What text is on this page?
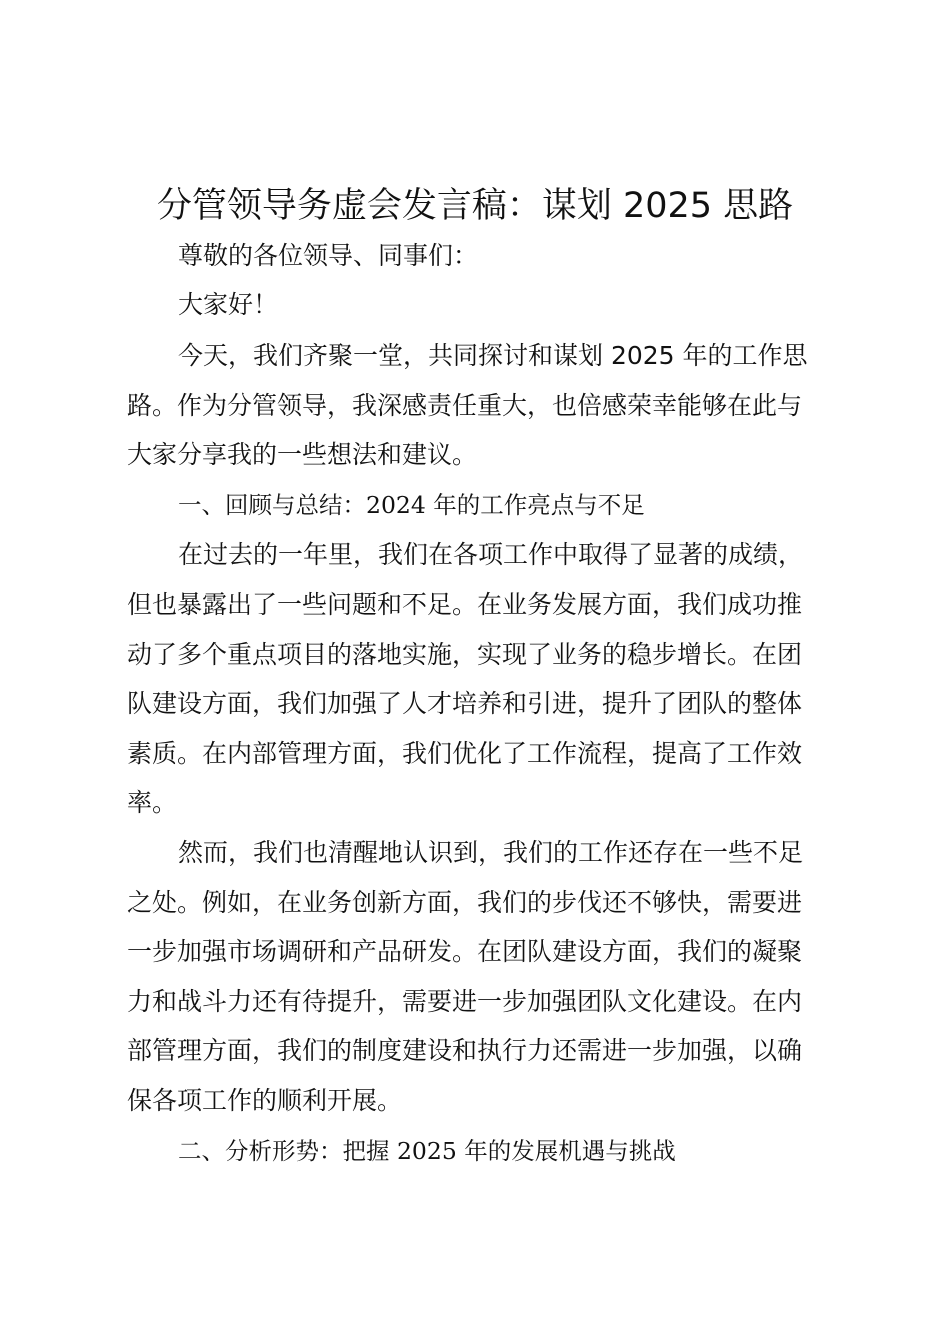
分管领导务虚会发言稿：谋划 2025 思路
尊敬的各位领导、同事们：
大家好！
今天，我们齐聚一堂，共同探讨和谋划 2025 年的工作思
路。作为分管领导，我深感责任重大，也倍感荣幸能够在此与
大家分享我的一些想法和建议。
一、回顾与总结：2024 年的工作亮点与不足
在过去的一年里，我们在各项工作中取得了显著的成绩，
但也暴露出了一些问题和不足。在业务发展方面，我们成功推
动了多个重点项目的落地实施，实现了业务的稳步增长。在团
队建设方面，我们加强了人才培养和引进，提升了团队的整体
素质。在内部管理方面，我们优化了工作流程，提高了工作效
率。
然而，我们也清醒地认识到，我们的工作还存在一些不足
之处。例如，在业务创新方面，我们的步伐还不够快，需要进
一步加强市场调研和产品研发。在团队建设方面，我们的凝聚
力和战斗力还有待提升，需要进一步加强团队文化建设。在内
部管理方面，我们的制度建设和执行力还需进一步加强，以确
保各项工作的顺利开展。
二、分析形势：把握 2025 年的发展机遇与挑战
